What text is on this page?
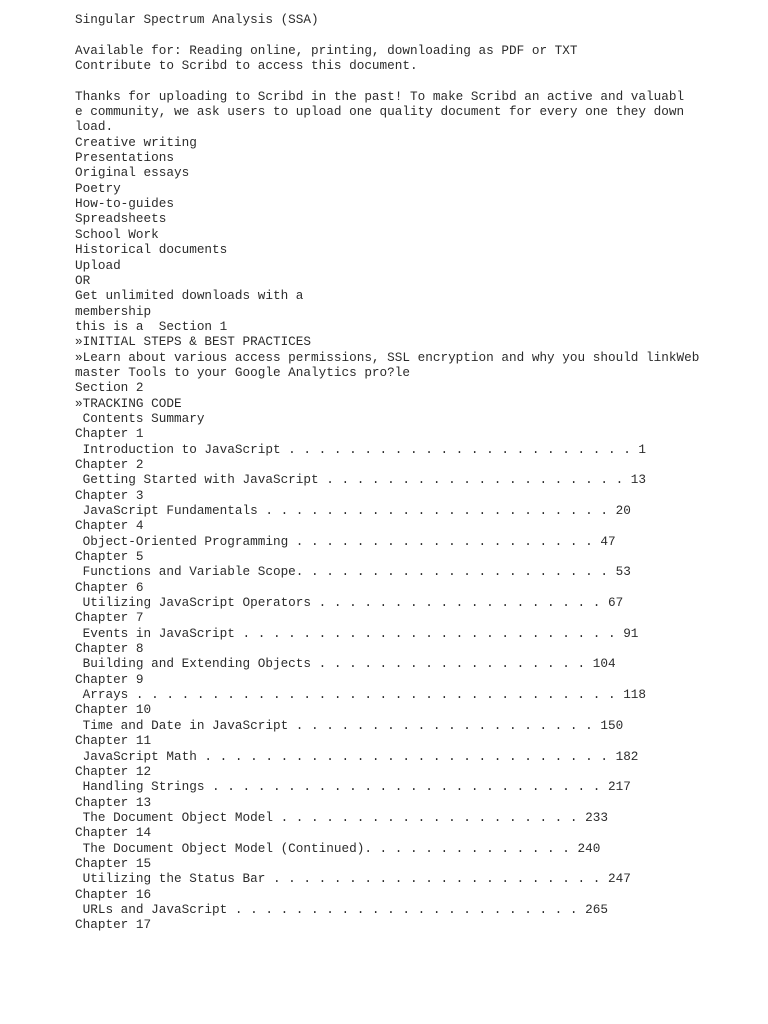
Singular Spectrum Analysis (SSA)
Available for: Reading online, printing, downloading as PDF or TXT
Contribute to Scribd to access this document.
Thanks for uploading to Scribd in the past! To make Scribd an active and valuabl
e community, we ask users to upload one quality document for every one they down
load.
Creative writing
Presentations
Original essays
Poetry
How-to-guides
Spreadsheets
School Work
Historical documents
Upload
OR
Get unlimited downloads with a
membership
this is a  Section 1
»INITIAL STEPS & BEST PRACTICES
»Learn about various access permissions, SSL encryption and why you should linkWeb
master Tools to your Google Analytics pro?le
Section 2
»TRACKING CODE
Contents Summary
Chapter 1
Introduction to JavaScript . . . . . . . . . . . . . . . . . . . . . . . 1
Chapter 2
Getting Started with JavaScript . . . . . . . . . . . . . . . . . . . . 13
Chapter 3
JavaScript Fundamentals . . . . . . . . . . . . . . . . . . . . . . . 20
Chapter 4
Object-Oriented Programming . . . . . . . . . . . . . . . . . . . . 47
Chapter 5
Functions and Variable Scope. . . . . . . . . . . . . . . . . . . . . 53
Chapter 6
Utilizing JavaScript Operators . . . . . . . . . . . . . . . . . . . 67
Chapter 7
Events in JavaScript . . . . . . . . . . . . . . . . . . . . . . . . . 91
Chapter 8
Building and Extending Objects . . . . . . . . . . . . . . . . . . 104
Chapter 9
Arrays . . . . . . . . . . . . . . . . . . . . . . . . . . . . . . . . 118
Chapter 10
Time and Date in JavaScript . . . . . . . . . . . . . . . . . . . . 150
Chapter 11
JavaScript Math . . . . . . . . . . . . . . . . . . . . . . . . . . . 182
Chapter 12
Handling Strings . . . . . . . . . . . . . . . . . . . . . . . . . . 217
Chapter 13
The Document Object Model . . . . . . . . . . . . . . . . . . . . 233
Chapter 14
The Document Object Model (Continued). . . . . . . . . . . . . . 240
Chapter 15
Utilizing the Status Bar . . . . . . . . . . . . . . . . . . . . . . 247
Chapter 16
URLs and JavaScript . . . . . . . . . . . . . . . . . . . . . . . 265
Chapter 17
